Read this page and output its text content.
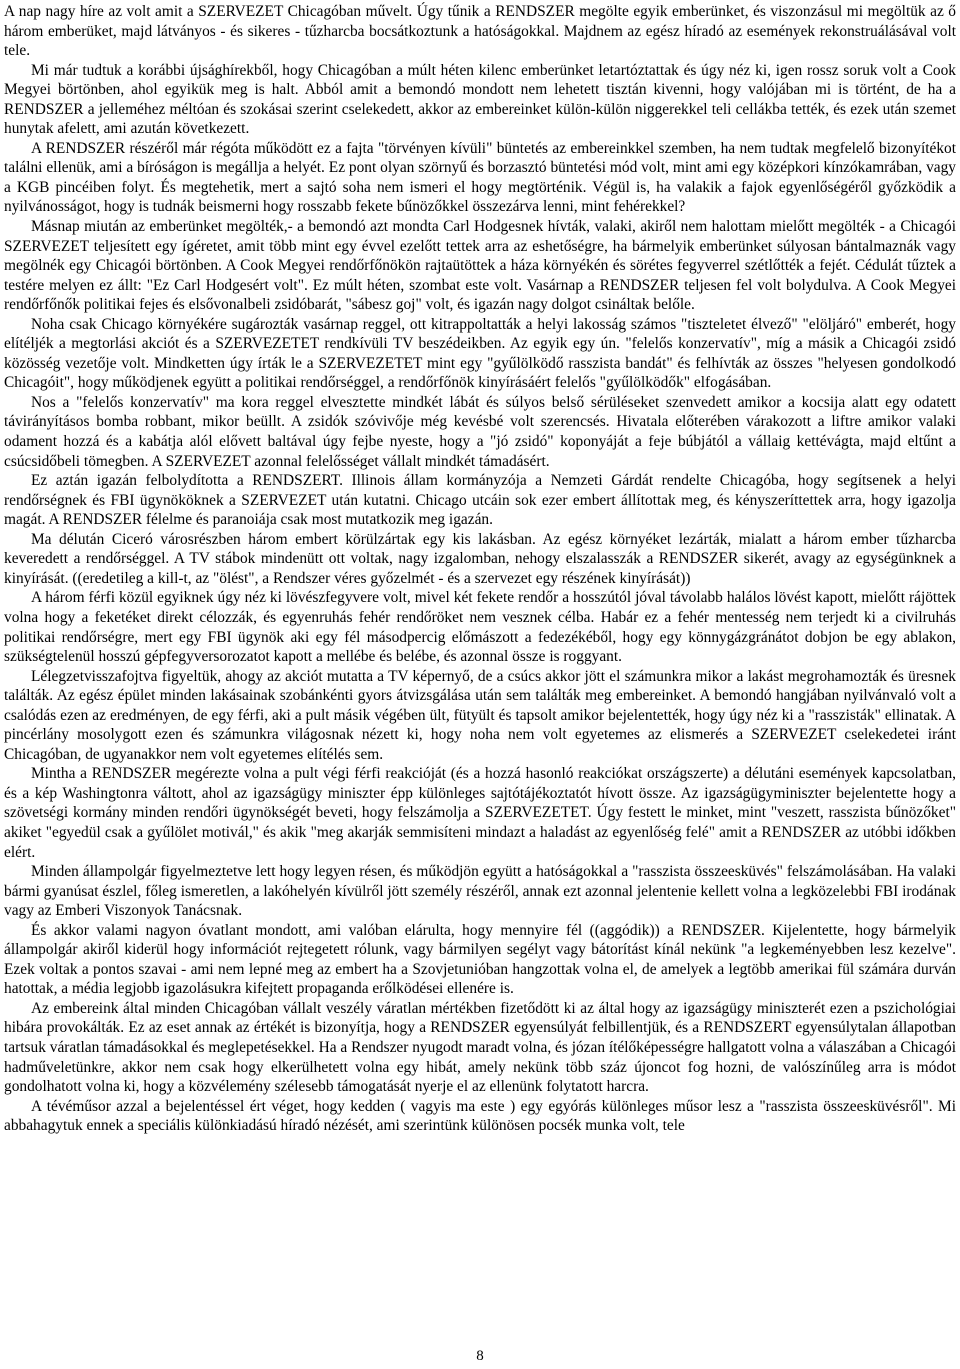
A nap nagy híre az volt amit a SZERVEZET Chicagóban művelt. Úgy tűnik a RENDSZER megölte egyik emberünket, és viszonzásul mi megöltük az ő három emberüket, majd látványos - és sikeres - tűzharcba bocsátkoztunk a hatóságokkal. Majdnem az egész híradó az események rekonstruálásával volt tele.

Mi már tudtuk a korábbi újsághírekből, hogy Chicagóban a múlt héten kilenc emberünket letartóztattak és úgy néz ki, igen rossz soruk volt a Cook Megyei börtönben, ahol egyikük meg is halt. Abból amit a bemondó mondott nem lehetett tisztán kivenni, hogy valójában mi is történt, de ha a RENDSZER a jelleméhez méltóan és szokásai szerint cselekedett, akkor az embereinket külön-külön niggerekkel teli cellákba tették, és ezek után szemet hunytak afelett, ami azután következett.

A RENDSZER részéről már régóta működött ez a fajta "törvényen kívüli" büntetés az embereinkkel szemben, ha nem tudtak megfelelő bizonyítékot találni ellenük, ami a bíróságon is megállja a helyét. Ez pont olyan szörnyű és borzasztó büntetési mód volt, mint ami egy középkori kínzókamrában, vagy a KGB pincéiben folyt. És megtehetik, mert a sajtó soha nem ismeri el hogy megtörténik. Végül is, ha valakik a fajok egyenlőségéről győzködik a nyilvánosságot, hogy is tudnák beismerni hogy rosszabb fekete bűnözőkkel összezárva lenni, mint fehérekkel?

Másnap miután az emberünket megölték,- a bemondó azt mondta Carl Hodgesnek hívták, valaki, akiről nem halottam mielőtt megölték - a Chicagói SZERVEZET teljesített egy ígéretet, amit több mint egy évvel ezelőtt tettek arra az eshetőségre, ha bármelyik emberünket súlyosan bántalmaznák vagy megölnék egy Chicagói börtönben. A Cook Megyei rendőrfőnökön rajtaütöttek a háza környékén és sörétes fegyverrel szétlőtték a fejét. Cédulát tűztek a testére melyen ez állt: "Ez Carl Hodgesért volt". Ez múlt héten, szombat este volt. Vasárnap a RENDSZER teljesen fel volt bolydulva. A Cook Megyei rendőrfőnők politikai fejes és elsővonalbeli zsidóbarát, "sábesz goj" volt, és igazán nagy dolgot csináltak belőle.

Noha csak Chicago környékére sugározták vasárnap reggel, ott kitrappoltatták a helyi lakosság számos "tiszteletet élvező" "elöljáró" emberét, hogy elítéljék a megtorlási akciót és a SZERVEZETET rendkívüli TV beszédeikben. Az egyik egy ún. "felelős konzervatív", míg a másik a Chicagói zsidó közösség vezetője volt. Mindketten úgy írták le a SZERVEZETET mint egy "gyűlölködő rasszista bandát" és felhívták az összes "helyesen gondolkodó Chicagóit", hogy működjenek együtt a politikai rendőrséggel, a rendőrfőnök kinyírásáért felelős "gyűlölködők" elfogásában.

Nos a "felelős konzervatív" ma kora reggel elvesztette mindkét lábát és súlyos belső sérüléseket szenvedett amikor a kocsija alatt egy odatett távirányításos bomba robbant, mikor beüllt. A zsidók szóvivője még kevésbé volt szerencsés. Hivatala előterében várakozott a liftre amikor valaki odament hozzá és a kabátja alól elővett baltával úgy fejbe nyeste, hogy a "jó zsidó" koponyáját a feje búbjától a vállaig kettévágta, majd eltűnt a csúcsidőbeli tömegben. A SZERVEZET azonnal felelősséget vállalt mindkét támadásért.

Ez aztán igazán felbolydította a RENDSZERT. Illinois állam kormányzója a Nemzeti Gárdát rendelte Chicagóba, hogy segítsenek a helyi rendőrségnek és FBI ügynököknek a SZERVEZET után kutatni. Chicago utcáin sok ezer embert állítottak meg, és kényszeríttettek arra, hogy igazolja magát. A RENDSZER félelme és paranoiája csak most mutatkozik meg igazán.

Ma délután Ciceró városrészben három embert körülzártak egy kis lakásban. Az egész környéket lezárták, mialatt a három ember tűzharcba keveredett a rendőrséggel. A TV stábok mindenütt ott voltak, nagy izgalomban, nehogy elszalasszák a RENDSZER sikerét, avagy az egységünknek a kinyírását. ((eredetileg a kill-t, az "ölést", a Rendszer véres győzelmét - és a szervezet egy részének kinyírását))

A három férfi közül egyiknek úgy néz ki lövészfegyvere volt, mivel két fekete rendőr a hosszútól jóval távolabb halálos lövést kapott, mielőtt rájöttek volna hogy a feketéket direkt célozzák, és egyenruhás fehér rendőröket nem vesznek célba. Habár ez a fehér mentesség nem terjedt ki a civilruhás politikai rendőrségre, mert egy FBI ügynök aki egy fél másodpercig előmászott a fedezékéből, hogy egy könnygázgránátot dobjon be egy ablakon, szükségtelenül hosszú gépfegyversorozatot kapott a mellébe és belébe, és azonnal össze is roggyant.

Lélegzetvisszafojtva figyeltük, ahogy az akciót mutatta a TV képernyő, de a csúcs akkor jött el számunkra mikor a lakást megrohamozták és üresnek találták. Az egész épület minden lakásainak szobánkénti gyors átvizsgálása után sem találták meg embereinket. A bemondó hangjában nyilvánvaló volt a csalódás ezen az eredményen, de egy férfi, aki a pult másik végében ült, fütyült és tapsolt amikor bejelentették, hogy úgy néz ki a "rasszisták" ellinatak. A pincérlány mosolygott ezen és számunkra világosnak nézett ki, hogy noha nem volt egyetemes az elismerés a SZERVEZET cselekedetei iránt Chicagóban, de ugyanakkor nem volt egyetemes elítélés sem.

Mintha a RENDSZER megérezte volna a pult végi férfi reakcióját (és a hozzá hasonló reakciókat országszerte) a délutáni események kapcsolatban, és a kép Washingtonra váltott, ahol az igazságügy miniszter épp különleges sajtótájékoztatót hívott össze. Az igazságügyminiszter bejelentette hogy a szövetségi kormány minden rendőri ügynökségét beveti, hogy felszámolja a SZERVEZETET. Úgy festett le minket, mint "veszett, rasszista bűnözőket" akiket "egyedül csak a gyűlölet motivál," és akik "meg akarják semmisíteni mindazt a haladást az egyenlőség felé" amit a RENDSZER az utóbbi időkben elért.

Minden állampolgár figyelmeztetve lett hogy legyen résen, és működjön együtt a hatóságokkal a "rasszista összeesküvés" felszámolásában. Ha valaki bármi gyanúsat észlel, főleg ismeretlen, a lakóhelyén kívülről jött személy részéről, annak ezt azonnal jelentenie kellett volna a legközelebbi FBI irodának vagy az Emberi Viszonyok Tanácsnak.

És akkor valami nagyon óvatlant mondott, ami valóban elárulta, hogy mennyire fél ((aggódik)) a RENDSZER. Kijelentette, hogy bármelyik állampolgár akiről kiderül hogy információt rejtegetett rólunk, vagy bármilyen segélyt vagy bátorítást kínál nekünk "a legkeményebben lesz kezelve". Ezek voltak a pontos szavai - ami nem lepné meg az embert ha a Szovjetunióban hangzottak volna el, de amelyek a legtöbb amerikai fül számára durván hatottak, a média legjobb igazolásukra kifejtett propaganda erőlködései ellenére is.

Az embereink által minden Chicagóban vállalt veszély váratlan mértékben fizetődött ki az által hogy az igazságügy miniszterét ezen a pszichológiai hibára provokálták. Ez az eset annak az értékét is bizonyítja, hogy a RENDSZER egyensúlyát felbillentjük, és a RENDSZERT egyensúlytalan állapotban tartsuk váratlan támadásokkal és meglepetésekkel. Ha a Rendszer nyugodt maradt volna, és józan ítélőképességre hallgatott volna a válaszában a Chicagói hadműveletünkre, akkor nem csak hogy elkerülhetett volna egy hibát, amely nekünk több száz újoncot fog hozni, de valószínűleg arra is módot gondolhatott volna ki, hogy a közvélemény szélesebb támogatását nyerje el az ellenünk folytatott harcra.

A tévéműsor azzal a bejelentéssel ért véget, hogy kedden ( vagyis ma este ) egy egyórás különleges műsor lesz a "rasszista összeesküvésről". Mi abbahagytuk ennek a speciális különkiadású híradó nézését, ami szerintünk különösen pocsék munka volt, tele

8
